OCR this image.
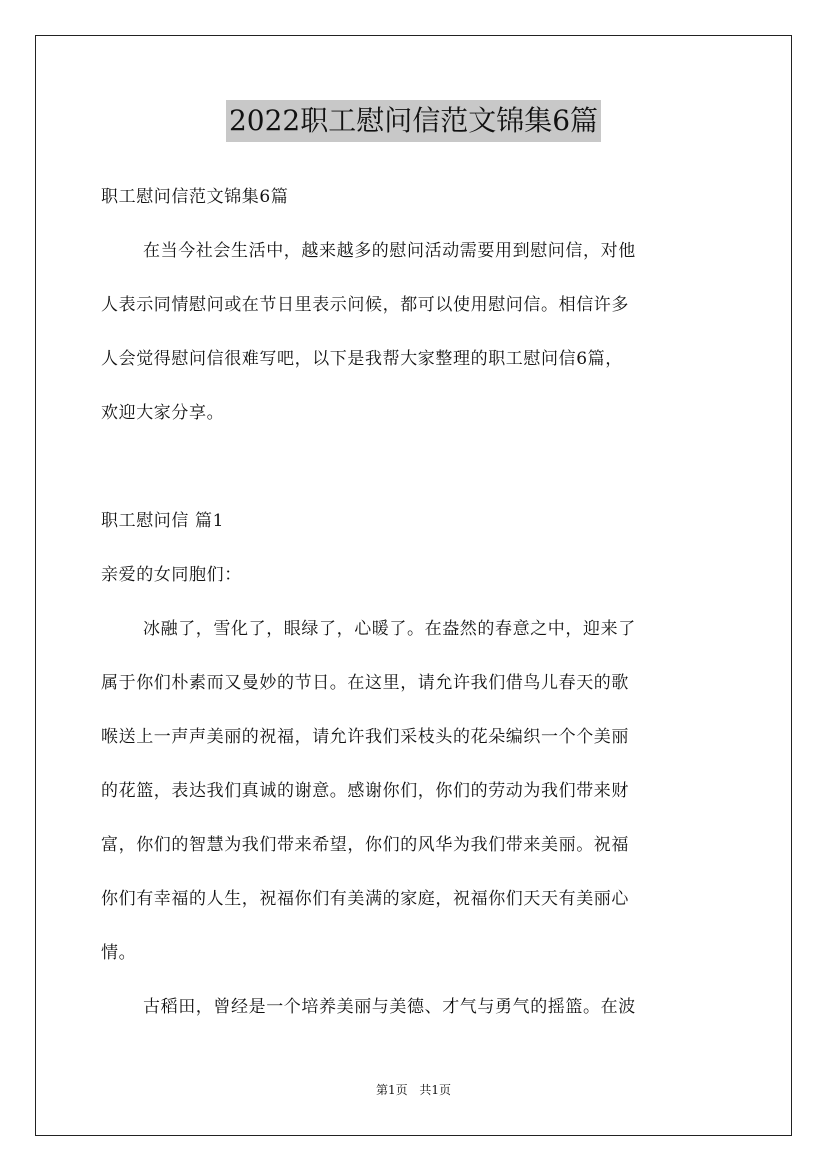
2022职工慰问信范文锦集6篇

职工慰问信范文锦集6篇

在当今社会生活中，越来越多的慰问活动需要用到慰问信，对他

人表示同情慰问或在节日里表示问候，都可以使用慰问信。相信许多

人会觉得慰问信很难写吧，以下是我帮大家整理的职工慰问信6篇，

欢迎大家分享。

职工慰问信 篇1

亲爱的女同胞们：

冰融了，雪化了，眼绿了，心暖了。在盎然的春意之中，迎来了

属于你们朴素而又曼妙的节日。在这里，请允许我们借鸟儿春天的歌

喉送上一声声美丽的祝福，请允许我们采枝头的花朵编织一个个美丽

的花篮，表达我们真诚的谢意。感谢你们，你们的劳动为我们带来财

富，你们的智慧为我们带来希望，你们的风华为我们带来美丽。祝福

你们有幸福的人生，祝福你们有美满的家庭，祝福你们天天有美丽心

情。

古稻田，曾经是一个培养美丽与美德、才气与勇气的摇篮。在波

第1页 共1页
